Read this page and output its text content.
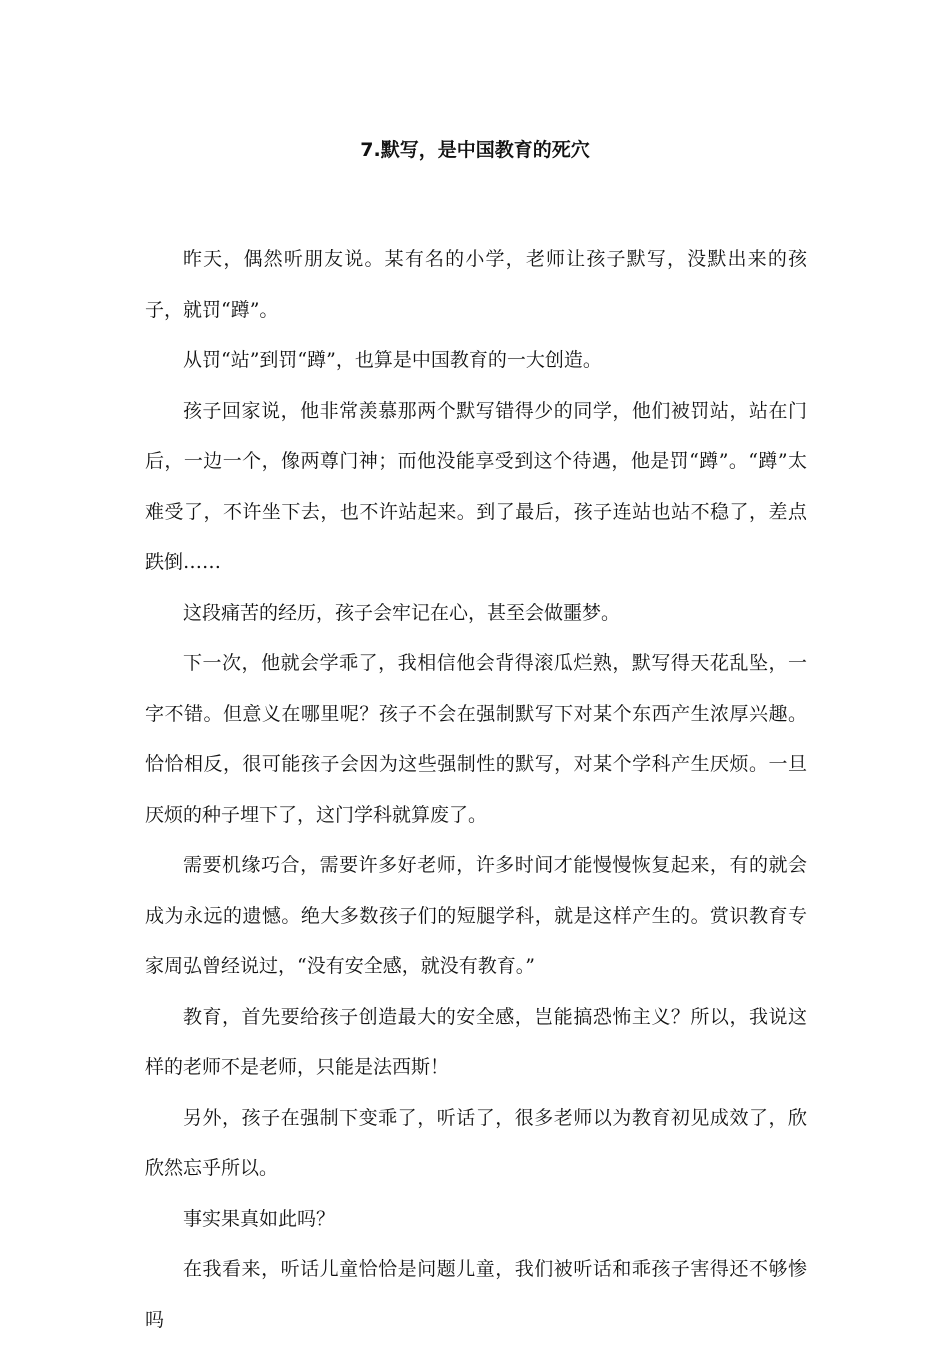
7.默写，是中国教育的死穴

昨天，偶然听朋友说。某有名的小学，老师让孩子默写，没默出来的孩子，就罚“蹲”。

从罚“站”到罚“蹲”，也算是中国教育的一大创造。

孩子回家说，他非常羡慕那两个默写错得少的同学，他们被罚站，站在门后，一边一个，像两尊门神；而他没能享受到这个待遇，他是罚“蹲”。“蹲”太难受了，不许坐下去，也不许站起来。到了最后，孩子连站也站不稳了，差点跌倒……

这段痛苦的经历，孩子会牢记在心，甚至会做噩梦。

下一次，他就会学乖了，我相信他会背得滚瓜烂熟，默写得天花乱坠，一字不错。但意义在哪里呢？孩子不会在强制默写下对某个东西产生浓厚兴趣。恰恰相反，很可能孩子会因为这些强制性的默写，对某个学科产生厌烦。一旦厌烦的种子埋下了，这门学科就算废了。

需要机缘巧合，需要许多好老师，许多时间才能慢慢恢复起来，有的就会成为永远的遗憾。绝大多数孩子们的短腿学科，就是这样产生的。赏识教育专家周弘曾经说过，“没有安全感，就没有教育。”

教育，首先要给孩子创造最大的安全感，岂能搞恐怖主义？所以，我说这样的老师不是老师，只能是法西斯！

另外，孩子在强制下变乖了，听话了，很多老师以为教育初见成效了，欣欣然忘乎所以。

事实果真如此吗？

在我看来，听话儿童恰恰是问题儿童，我们被听话和乖孩子害得还不够惨吗
